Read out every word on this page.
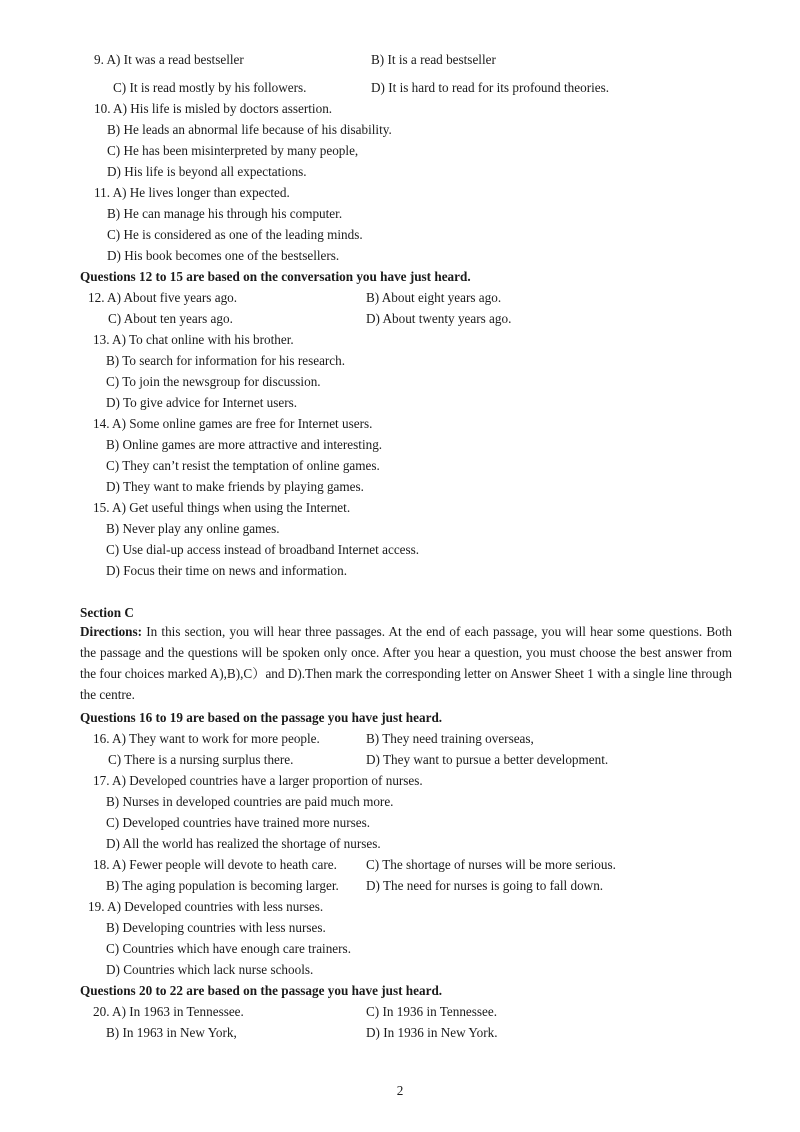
9. A) It was a read bestseller	B) It is a read bestseller
C) It is read mostly by his followers.	D) It is hard to read for its profound theories.
10. A) His life is misled by doctors assertion.
B) He leads an abnormal life because of his disability.
C) He has been misinterpreted by many people,
D) His life is beyond all expectations.
11. A) He lives longer than expected.
B) He can manage his through his computer.
C) He is considered as one of the leading minds.
D) His book becomes one of the bestsellers.
Questions 12 to 15 are based on the conversation you have just heard.
12. A) About five years ago.	B) About eight years ago.
C) About ten years ago.	D) About twenty years ago.
13. A) To chat online with his brother.
B) To search for information for his research.
C) To join the newsgroup for discussion.
D) To give advice for Internet users.
14. A) Some online games are free for Internet users.
B) Online games are more attractive and interesting.
C) They can’t resist the temptation of online games.
D) They want to make friends by playing games.
15. A) Get useful things when using the Internet.
B) Never play any online games.
C) Use dial-up access instead of broadband Internet access.
D) Focus their time on news and information.
Section C
Directions: In this section, you will hear three passages. At the end of each passage, you will hear some questions. Both the passage and the questions will be spoken only once. After you hear a question, you must choose the best answer from the four choices marked A),B),C）and D).Then mark the corresponding letter on Answer Sheet 1 with a single line through the centre.
Questions 16 to 19 are based on the passage you have just heard.
16. A) They want to work for more people.	B) They need training overseas,
C) There is a nursing surplus there.	D) They want to pursue a better development.
17. A) Developed countries have a larger proportion of nurses.
B) Nurses in developed countries are paid much more.
C) Developed countries have trained more nurses.
D) All the world has realized the shortage of nurses.
18. A) Fewer people will devote to heath care. C) The shortage of nurses will be more serious.
B) The aging population is becoming larger. D) The need for nurses is going to fall down.
19. A) Developed countries with less nurses.
B) Developing countries with less nurses.
C) Countries which have enough care trainers.
D) Countries which lack nurse schools.
Questions 20 to 22 are based on the passage you have just heard.
20. A) In 1963 in Tennessee.	C) In 1936 in Tennessee.
B) In 1963 in New York,	D) In 1936 in New York.
2
